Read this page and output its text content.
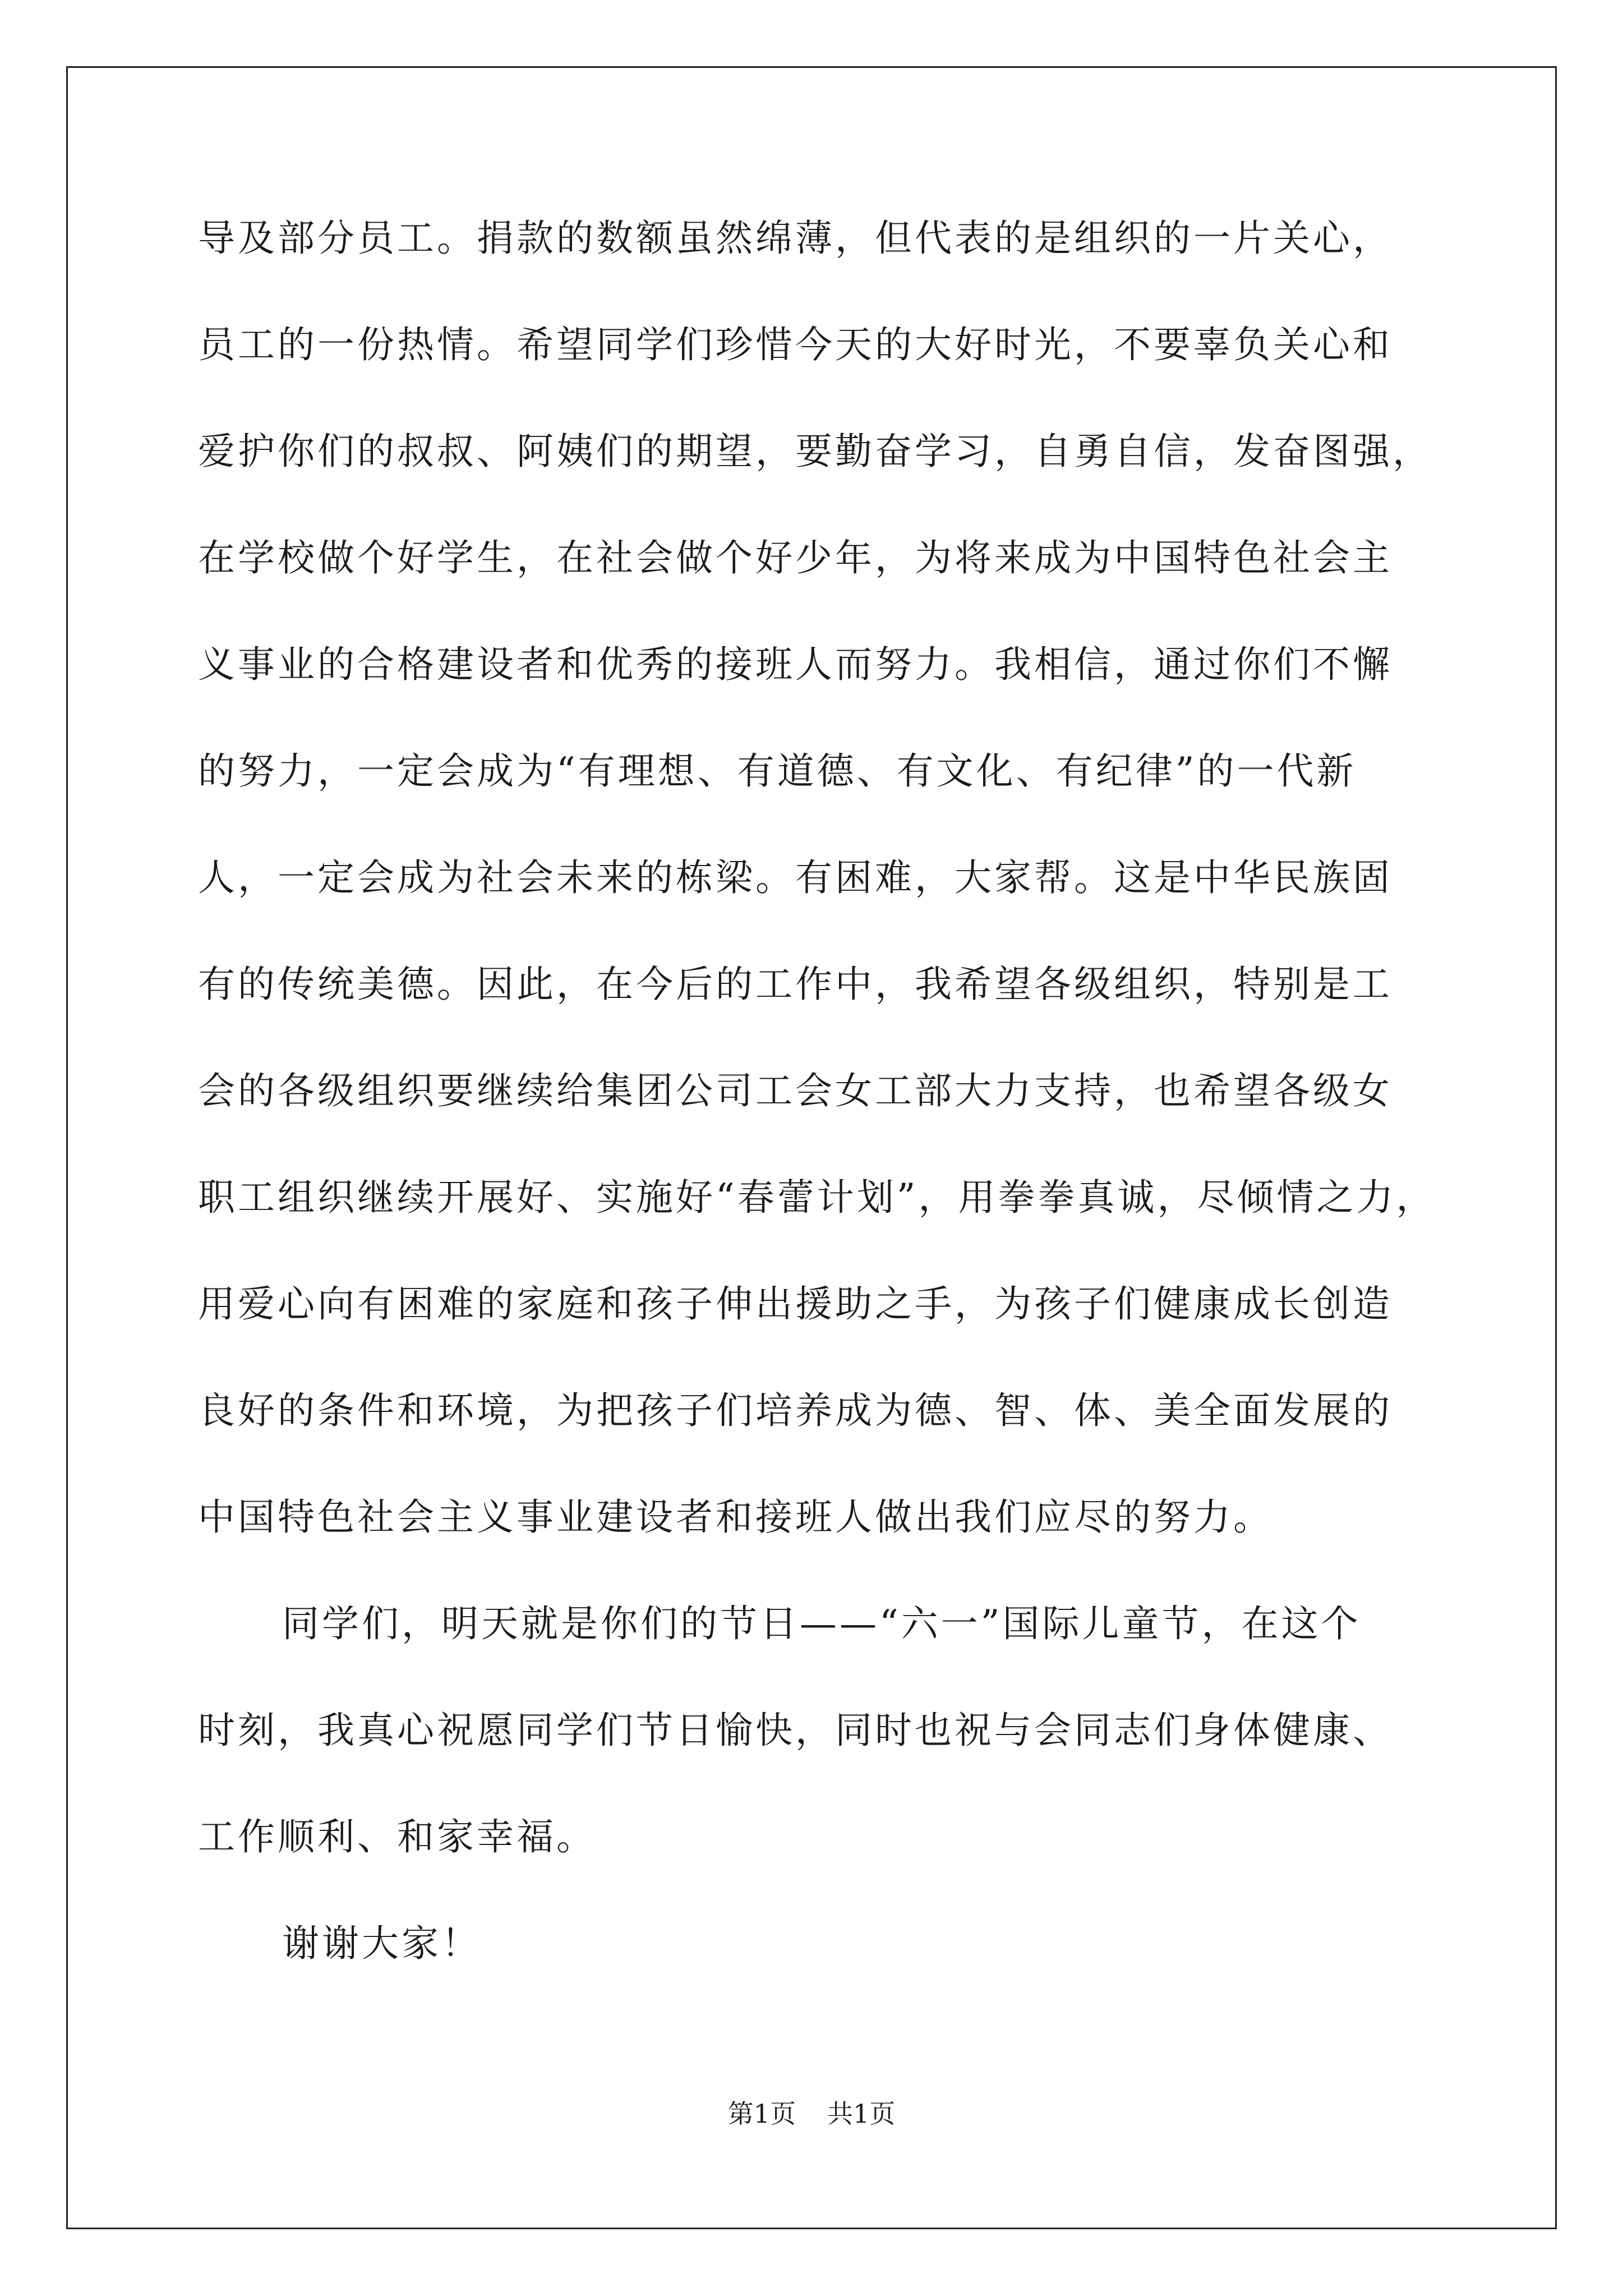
导及部分员工。捐款的数额虽然绵薄，但代表的是组织的一片关心，
员工的一份热情。希望同学们珍惜今天的大好时光，不要辜负关心和
爱护你们的叔叔、阿姨们的期望，要勤奋学习，自勇自信，发奋图强，
在学校做个好学生，在社会做个好少年，为将来成为中国特色社会主
义事业的合格建设者和优秀的接班人而努力。我相信，通过你们不懈
的努力，一定会成为“有理想、有道德、有文化、有纪律”的一代新
人，一定会成为社会未来的栋梁。有困难，大家帮。这是中华民族固
有的传统美德。因此，在今后的工作中，我希望各级组织，特别是工
会的各级组织要继续给集团公司工会女工部大力支持，也希望各级女
职工组织继续开展好、实施好“春蕾计划”，用拳拳真诚，尽倾情之力，
用爱心向有困难的家庭和孩子伸出援助之手，为孩子们健康成长创造
良好的条件和环境，为把孩子们培养成为德、智、体、美全面发展的
中国特色社会主义事业建设者和接班人做出我们应尽的努力。
同学们，明天就是你们的节日——“六一”国际儿童节，在这个
时刻，我真心祝愿同学们节日愉快，同时也祝与会同志们身体健康、
工作顺利、和家幸福。
谢谢大家！
第1页 共1页
